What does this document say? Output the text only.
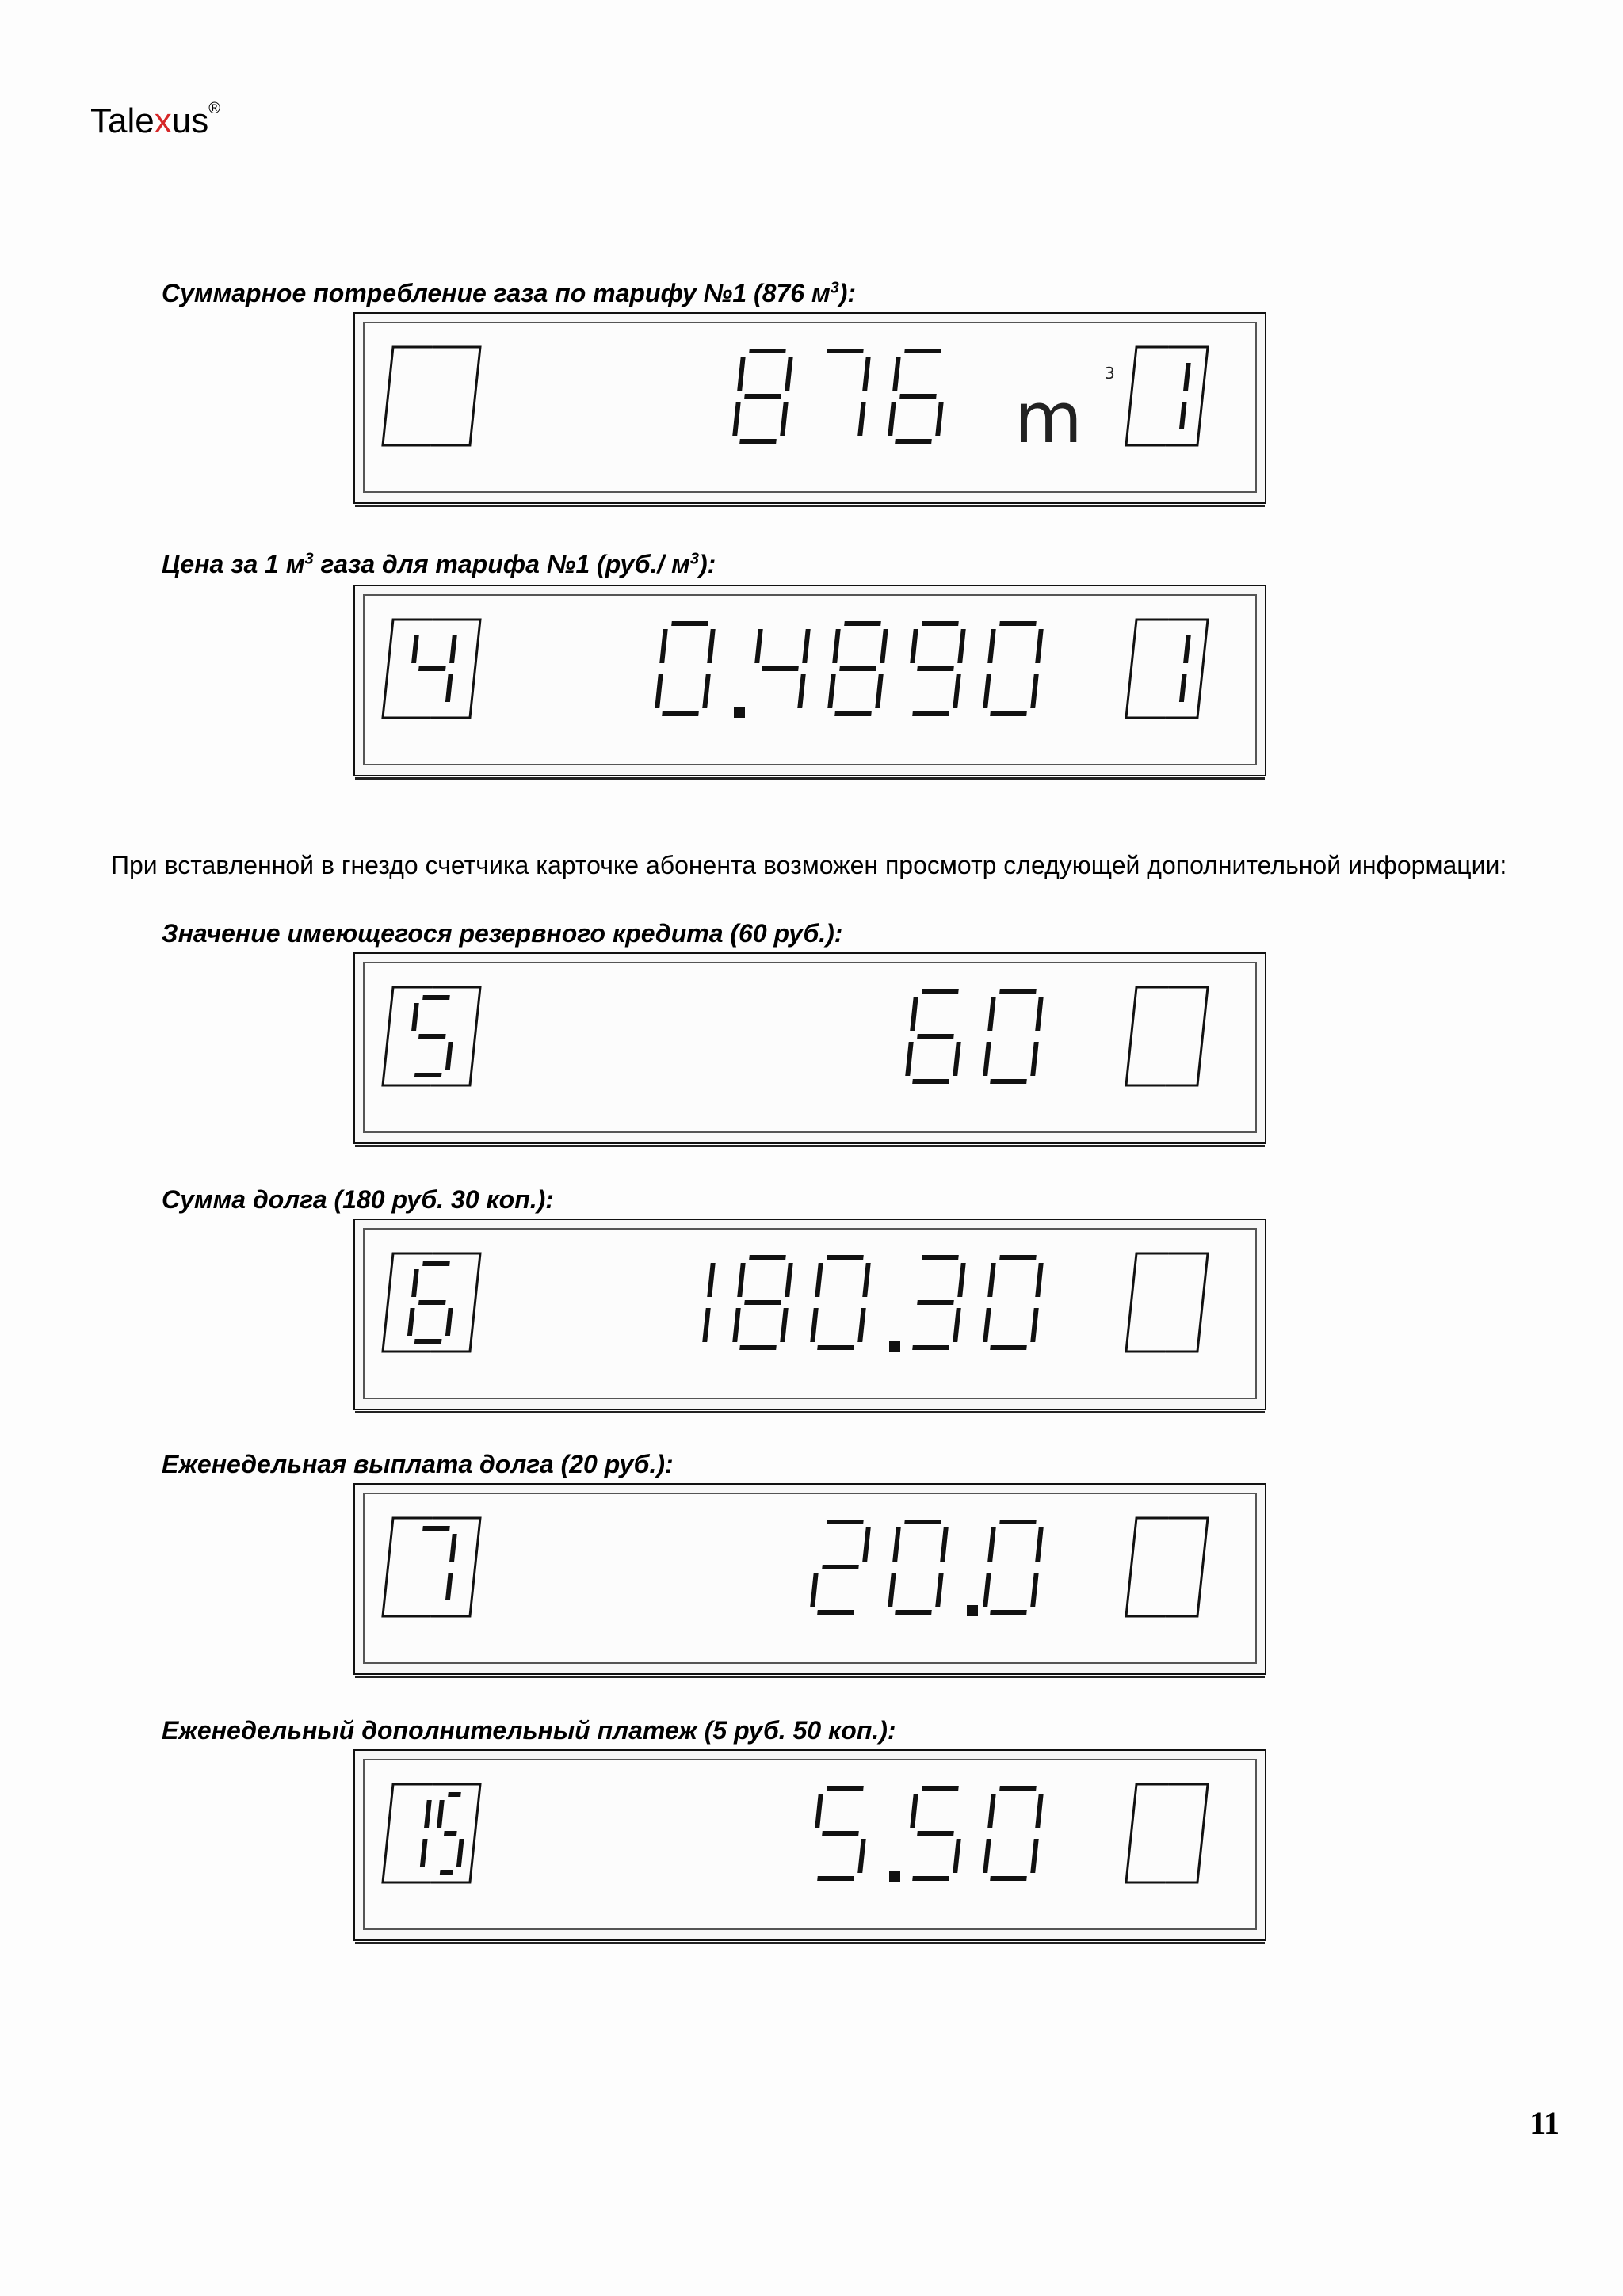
Talexus®
Суммарное потребление газа по тарифу №1 (876 $м^3$):
m
3
Цена за 1 $м^3$ газа для тарифа №1 (руб./ $м^3$):
При вставленной в гнездо счетчика карточке абонента возможен просмотр следующей дополнительной информации:
Значение имеющегося резервного кредита (60 руб.):
Сумма долга (180 руб. 30 коп.):
Еженедельная выплата долга (20 руб.):
Еженедельный дополнительный платеж (5 руб. 50 коп.):
11
